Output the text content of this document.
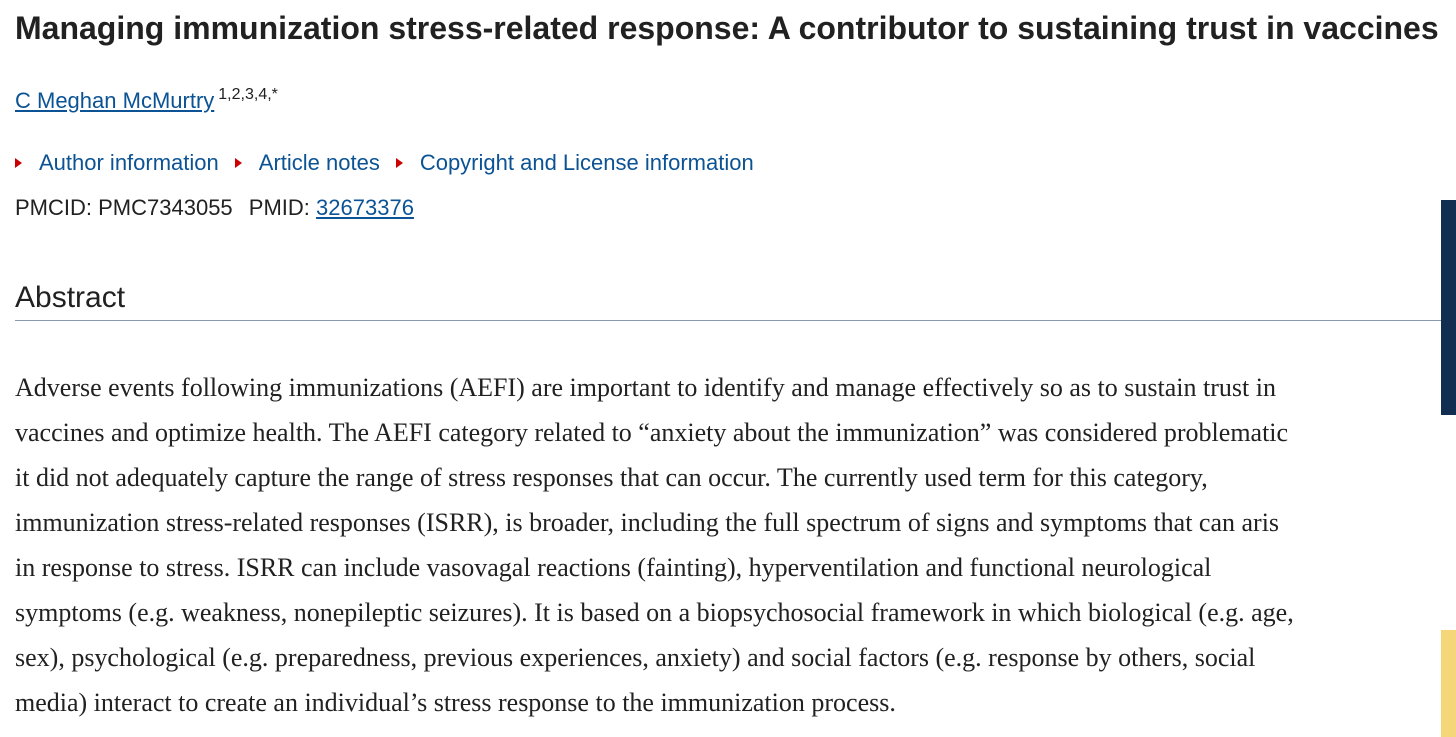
Managing immunization stress-related response: A contributor to sustaining trust in vaccines
C Meghan McMurtry $^{1,2,3,4,*}$
Author information Article notes Copyright and License information
PMCID: PMC7343055 PMID: 32673376
Abstract

Adverse events following immunizations (AEFI) are important to identify and manage effectively so as to sustain trust in
vaccines and optimize health. The AEFI category related to “anxiety about the immunization” was considered problematic
it did not adequately capture the range of stress responses that can occur. The currently used term for this category,
immunization stress-related responses (ISRR), is broader, including the full spectrum of signs and symptoms that can aris
in response to stress. ISRR can include vasovagal reactions (fainting), hyperventilation and functional neurological
symptoms (e.g. weakness, nonepileptic seizures). It is based on a biopsychosocial framework in which biological (e.g. age,
sex), psychological (e.g. preparedness, previous experiences, anxiety) and social factors (e.g. response by others, social
media) interact to create an individual’s stress response to the immunization process.
